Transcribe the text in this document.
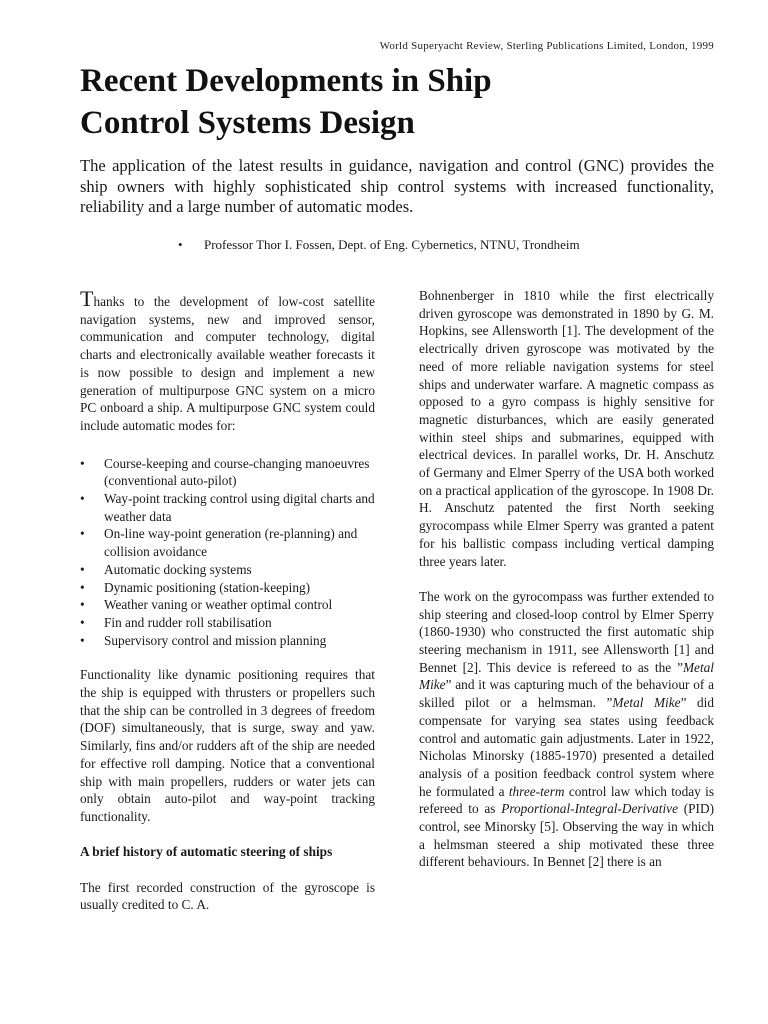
World Superyacht Review, Sterling Publications Limited, London, 1999
Recent Developments in Ship
Control Systems Design

The application of the latest results in guidance, navigation and control (GNC) provides the ship owners with highly sophisticated ship control systems with increased functionality, reliability and a large number of automatic modes.

• Professor Thor I. Fossen, Dept. of Eng. Cybernetics, NTNU, Trondheim

Thanks to the development of low-cost satellite navigation systems, new and improved sensor, communication and computer technology, digital charts and electronically available weather forecasts it is now possible to design and implement a new generation of multipurpose GNC system on a micro PC onboard a ship. A multipurpose GNC system could include automatic modes for:

• Course-keeping and course-changing manoeuvres (conventional auto-pilot)
• Way-point tracking control using digital charts and weather data
• On-line way-point generation (re-planning) and collision avoidance
• Automatic docking systems
• Dynamic positioning (station-keeping)
• Weather vaning or weather optimal control
• Fin and rudder roll stabilisation
• Supervisory control and mission planning

Functionality like dynamic positioning requires that the ship is equipped with thrusters or propellers such that the ship can be controlled in 3 degrees of freedom (DOF) simultaneously, that is surge, sway and yaw. Similarly, fins and/or rudders aft of the ship are needed for effective roll damping. Notice that a conventional ship with main propellers, rudders or water jets can only obtain auto-pilot and way-point tracking functionality.

A brief history of automatic steering of ships

The first recorded construction of the gyroscope is usually credited to C. A.

Bohnenberger in 1810 while the first electrically driven gyroscope was demonstrated in 1890 by G. M. Hopkins, see Allensworth [1]. The development of the electrically driven gyroscope was motivated by the need of more reliable navigation systems for steel ships and underwater warfare. A magnetic compass as opposed to a gyro compass is highly sensitive for magnetic disturbances, which are easily generated within steel ships and submarines, equipped with electrical devices. In parallel works, Dr. H. Anschutz of Germany and Elmer Sperry of the USA both worked on a practical application of the gyroscope. In 1908 Dr. H. Anschutz patented the first North seeking gyrocompass while Elmer Sperry was granted a patent for his ballistic compass including vertical damping three years later.

The work on the gyrocompass was further extended to ship steering and closed-loop control by Elmer Sperry (1860-1930) who constructed the first automatic ship steering mechanism in 1911, see Allensworth [1] and Bennet [2]. This device is refereed to as the ”Metal Mike” and it was capturing much of the behaviour of a skilled pilot or a helmsman. ”Metal Mike” did compensate for varying sea states using feedback control and automatic gain adjustments. Later in 1922, Nicholas Minorsky (1885-1970) presented a detailed analysis of a position feedback control system where he formulated a three-term control law which today is refereed to as Proportional-Integral-Derivative (PID) control, see Minorsky [5]. Observing the way in which a helmsman steered a ship motivated these three different behaviours. In Bennet [2] there is an
